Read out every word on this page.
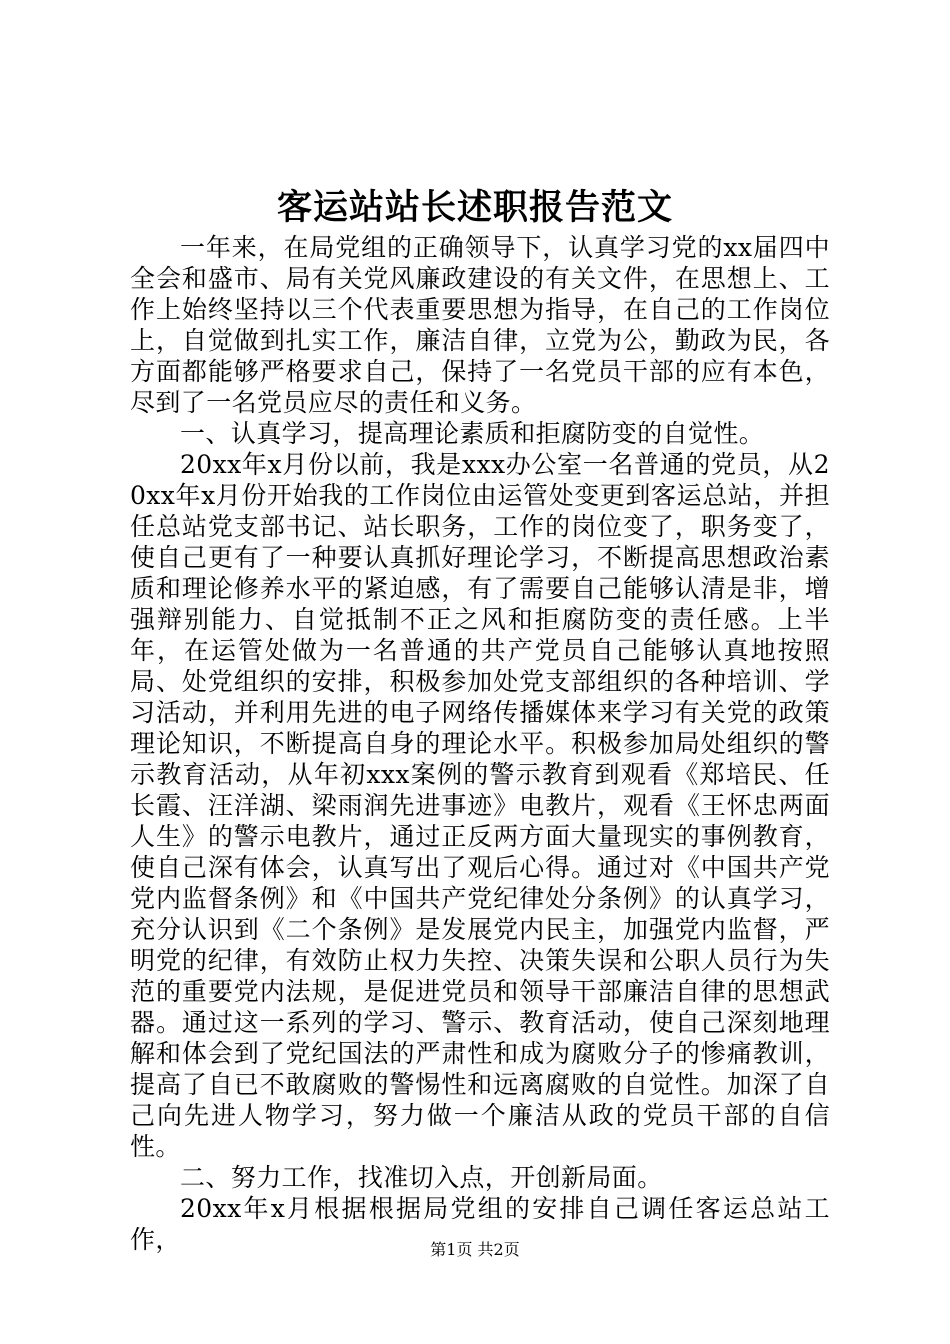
客运站站长述职报告范文

一年来，在局党组的正确领导下，认真学习党的xx届四中全会和盛市、局有关党风廉政建设的有关文件，在思想上、工作上始终坚持以三个代表重要思想为指导，在自己的工作岗位上，自觉做到扎实工作，廉洁自律，立党为公，勤政为民，各方面都能够严格要求自己，保持了一名党员干部的应有本色，尽到了一名党员应尽的责任和义务。

一、认真学习，提高理论素质和拒腐防变的自觉性。

20xx年x月份以前，我是xxx办公室一名普通的党员，从20xx年x月份开始我的工作岗位由运管处变更到客运总站，并担任总站党支部书记、站长职务，工作的岗位变了，职务变了，使自己更有了一种要认真抓好理论学习，不断提高思想政治素质和理论修养水平的紧迫感，有了需要自己能够认清是非，增强辩别能力、自觉抵制不正之风和拒腐防变的责任感。上半年，在运管处做为一名普通的共产党员自己能够认真地按照局、处党组织的安排，积极参加处党支部组织的各种培训、学习活动，并利用先进的电子网络传播媒体来学习有关党的政策理论知识，不断提高自身的理论水平。积极参加局处组织的警示教育活动，从年初xxx案例的警示教育到观看《郑培民、任长霞、汪洋湖、梁雨润先进事迹》电教片，观看《王怀忠两面人生》的警示电教片，通过正反两方面大量现实的事例教育，使自己深有体会，认真写出了观后心得。通过对《中国共产党党内监督条例》和《中国共产党纪律处分条例》的认真学习，充分认识到《二个条例》是发展党内民主，加强党内监督，严明党的纪律，有效防止权力失控、决策失误和公职人员行为失范的重要党内法规，是促进党员和领导干部廉洁自律的思想武器。通过这一系列的学习、警示、教育活动，使自己深刻地理解和体会到了党纪国法的严肃性和成为腐败分子的惨痛教训，提高了自已不敢腐败的警惕性和远离腐败的自觉性。加深了自己向先进人物学习，努力做一个廉洁从政的党员干部的自信性。

二、努力工作，找准切入点，开创新局面。

20xx年x月根据根据局党组的安排自己调任客运总站工作，	第1页 共2页
